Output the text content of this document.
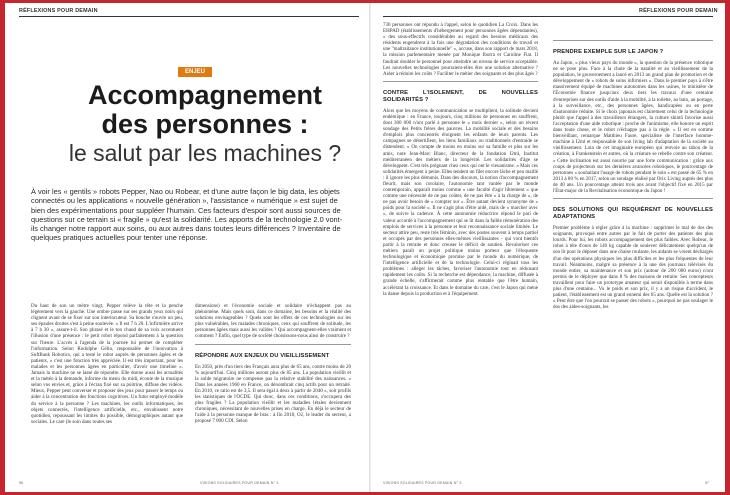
RÉFLEXIONS POUR DEMAIN
ENJEU
Accompagnement
des personnes :
le salut par les machines ?
À voir les « gentils » robots Pepper, Nao ou Robear, et d'une autre façon le big data, les objets connectés ou les applications « nouvelle génération », l'assistance « numérique » est sujet de bien des expérimentations pour suppléer l'humain. Ces facteurs d'espoir sont aussi sources de questions sur ce terrain si « fragile » qu'est la solidarité. Les apports de la technologie 2.0 vont-ils changer notre rapport aux soins, ou aux autres dans toutes leurs différences ? Inventaire de quelques pratiques actuelles pour tenter une réponse.

Du haut de son un mètre vingt, Pepper relève la tête et la penche légèrement vers la gauche. Une ombre passe sur ses grands yeux noirs qui clignent avant de se fixer sur son interlocuteur. Sa bouche s'ouvre un peu, ses épaules droites s'est à peine soulevée. « Il est 7 h 20. L'infirmière arrive à 7 h 30 », assure-t-il. Son phrasé et le ton chaud de sa voix accentuent l'illusion d'une présence : le petit robot répond parfaitement à la question sur l'heure. L'accès à l'agenda de la journée lui permet de compléter l'information. Selon Rodolphe Gélin, responsable de l'innovation à SoftBank Robotics, qui a testé le robot auprès de personnes âgées et de patients, « c'est une fonction très appréciée. Il est très important, pour les malades et les personnes âgées en particulier, d'avoir une timeline ». Jamais la machine ne se lasse de répondre. Elle donne aussi les actualités et la météo à la demande, informe du menu du midi, écoute de la musique selon vos envies et, grâce à l'écran fixé sur sa poitrine, diffuse des vidéos. Mieux, Pepper peut converser et proposer des jeux pour passer le temps ou aider à la concentration des fonctions cognitives. Un futur employé modèle du service à la personne ? Les machines, les outils informatiques, les objets connectés, l'intelligence artificielle, etc., envahissent notre quotidien, repoussant les limites du possible, démographiques autant que sociales. Le care (le soin dans toutes ses

dimensions) et l'économie sociale et solidaire n'échappent pas au phénomène. Mais quels sont, dans ce domaine, les besoins et la réalité des solutions envisageables ? Quels sont les effets de ces technologies sur les plus vulnérables, les malades chroniques, ceux qui souffrent de solitude, les personnes âgées mais aussi les valides ? Qui accompagnent-elles vraiment et comment ? Enfin, quel type de société choisissons-nous ainsi de construire ?

RÉPONDRE AUX ENJEUX DU VIEILLISSEMENT

En 2050, près d'un tiers des Français aura plus de 65 ans, contre moins de 20 % aujourd'hui. Cinq millions auront plus de 85 ans. La population vieillit et la solde migratoire ne compense pas la relative stabilité des naissances. « Dans les années 1960 en France, on dénombrait cinq actifs pour un retraité. En 2010, ce ratio est de 3,5. Il sera égal à deux à partir de 2040 », soit profils les statistiques de l'OCDE. Qui donc, dans ces conditions, s'occupera des plus fragiles ? La population vieillit et les maladies létales deviennent chroniques, nécessitant de nouvelles prises en charge. En déjà le secteur de l'aide à la personne manque de bras : à fin 2018, O2, le leader du secteur, a proposé 7 000 CDI. Selon

96	VISIONS SOLIDAIRES POUR DEMAIN N° 3
RÉFLEXIONS POUR DEMAIN

730 personnes ont répondu à l'appel, selon le quotidien La Croix. Dans les EHPAD (établissements d'hébergement pour personnes âgées dépendantes), « des sous-effectifs considérables au regard des besoins médicaux des résidents engendrent à la fois une dégradation des conditions de travail et une "maltraitance institutionnelle" », accuse, dans son rapport de mars 2018, la mission parlementaire menée par Monique Iborra et Caroline Fiat. Il faudrait doubler le personnel pour atteindre un niveau de service acceptable. Les nouvelles technologies pourraient-elles être une solution alternative ? Aider à réduire les coûts ? Faciliter le métier des soignants et des plus âgés ?

CONTRE L'ISOLEMENT, DE NOUVELLES SOLIDARITÉS ?

Alors que les moyens de communication se multiplient, la solitude devient endémique : en France, toujours, cinq millions de personnes en souffrent, dont 300 000 n'ont parlé à personne le « mois dernier », selon un récent sondage des Petits frères des pauvres. La mobilité sociale et des besoins d'emplois plus concentrés éloignent les enfants de leurs parents. Les campagnes se désertifient, les liens familiaux ou traditionnels d'entraide se distendent. « On compte de moins en moins sur sa famille et plus sur les amis, note Jean-Marc Blanc, directeur de la fondation I2ml, Institut méditerranéen des métiers de la longévité. Les solidarités d'âge se développent. C'est très prégnant chez ceux qui ont le vieuanisme. » Mais ces solidarités émergent à peine. Elles tendent un filet encore lâche et peu maillé : il ignore les plus démunis. Dans des discours, la notion d'accompagnement fleurit, mais son corolaire, l'autonomie tant vantée par le monde contemporain, apparaît moins comme « une faculté d'agir librement » que comme une nécessité de ne pas coûter, de ne pas être « à la charge de », de ne pas avoir besoin de « compter sur ». Être autant devient synonyme de « poids pour la société ». Il ne s'agit plus d'être aidé, mais de « marcher avec », de suivre la cadence. À cette autonomie réductrice répond le pari de valeur accordé à l'accompagnement qui se lit dans la faible rémunération des emplois de services à la personne et leur reconnaissance sociale limitée. Le secteur attire peu, reste très féminin, avec des postes souvent à temps partiel et occupés par des personnes elles-mêmes vieillissantes – qui vont bientôt partir à la retraite et donc creuser le déficit de soutien. Revaloriser ces métiers paraît un projet politique moins porteur que l'éloquente technologique et économique promise par le monde du numérique, de l'intelligence artificielle et de la technologie. Celui-ci réginait tous les problèmes : alléger les tâches, favoriser l'autonomie tout en réduisant rapidement les coûts. Si la recherche est dépendance, la machine, diffusée à grande échelle, s'affirmerait comme plus rentable que l'être humain, accélérant la croissance. Et dans le domaine du care, c'est le Japon qui mène la danse depuis la production et à l'équipement.

PRENDRE EXEMPLE SUR LE JAPON ?

Au Japon, « plus vieux pays du monde », la question de la présence robotique ne se pose plus. Face à la chute de la natalité et au vieillissement de la population, le gouvernement a lancé en 2013 un grand plan de promotion et de développement de « robots de soins infirmiers ». Dans le premier pays à s'être massivement équipé de machines autonomes dans les usines, le ministère de l'Économie finance jusqu'aux deux tiers les travaux d'une centaine d'entreprises sur des outils d'aide à la mobilité, à la toilette, au bain, au portage, à la surveillance, etc., des personnes âgées, handicapées ou en perte d'autonomie réduite. Si le choix japonais est clairement celui de la technologie plutôt que l'appel à des travailleurs étrangers, la culture shintô favorise aussi l'acceptation d'une aide robotique : proche de l'animisme, elle honore un esprit dans toute chose, et le robot n'échappe pas à la règle. « Il est en somme bienveillant, remarque Matthieu Faure, spécialiste de l'interface homme-machine à I2ml et responsable de son living lab d'adaptation de la société au vieillissement. Loin de cet imaginaire européen qui renvoie au tabou de la création, à Frankenstein et autres, où la créature se rebelle contre son créateur. » Cette inclination est aussi nourrie par une forte communication : grâce aux coups de projecteurs sur les dernières avancées robotiques, le pourcentage de personnes « souhaitant l'usage de robots pendant le soin » est passé de 65 % en 2013 à 80 % en 2017, selon un sondage réalisé par Orix Living auprès des plus de 40 ans. Un pourcentage atteint trois ans avant l'objectif fixé en 2015 par l'État-major de la Revitalisation économique du Japon !

DES SOLUTIONS QUI REQUIÈRENT DE NOUVELLES ADAPTATIONS

Premier problème à régler grâce à la machine : supprimer le mal de dos des soignants, provoqué entre autres par le fait de porter des patients des plus lourds. Pour lui, les robots accompagnement des plus faibles. Avec Robear, le robot à tête d'ours de 140 kg capable de soulever délicatement quelqu'un de son lit pour le déposer dans une chaise roulante, les aidants se voient déchargés d'un des opérations physiques les plus difficiles et les plus fréquentes de leur travail. Néanmoins, malgré sa présence à la une des journaux télévisés du monde entier, sa maintenance et son prix (autour de 200 000 euros) n'ont permis de le déployer que dans 8 % des maisons de retraite. Ses concepteurs travaillent pour faire un prototype amateur qui serait disponible à terme dans plus d'une centaine... Vu le poids et son prix, il y a un risque d'accident, le patient, l'établissement est un grand ennemi des 65 ans. Quelle est la solution ? « Peut être que l'on pourrait se passer des robots », pourquoi ne pas soulager le dos des aides-soignants, les

VISIONS SOLIDAIRES POUR DEMAIN N° 3	97
